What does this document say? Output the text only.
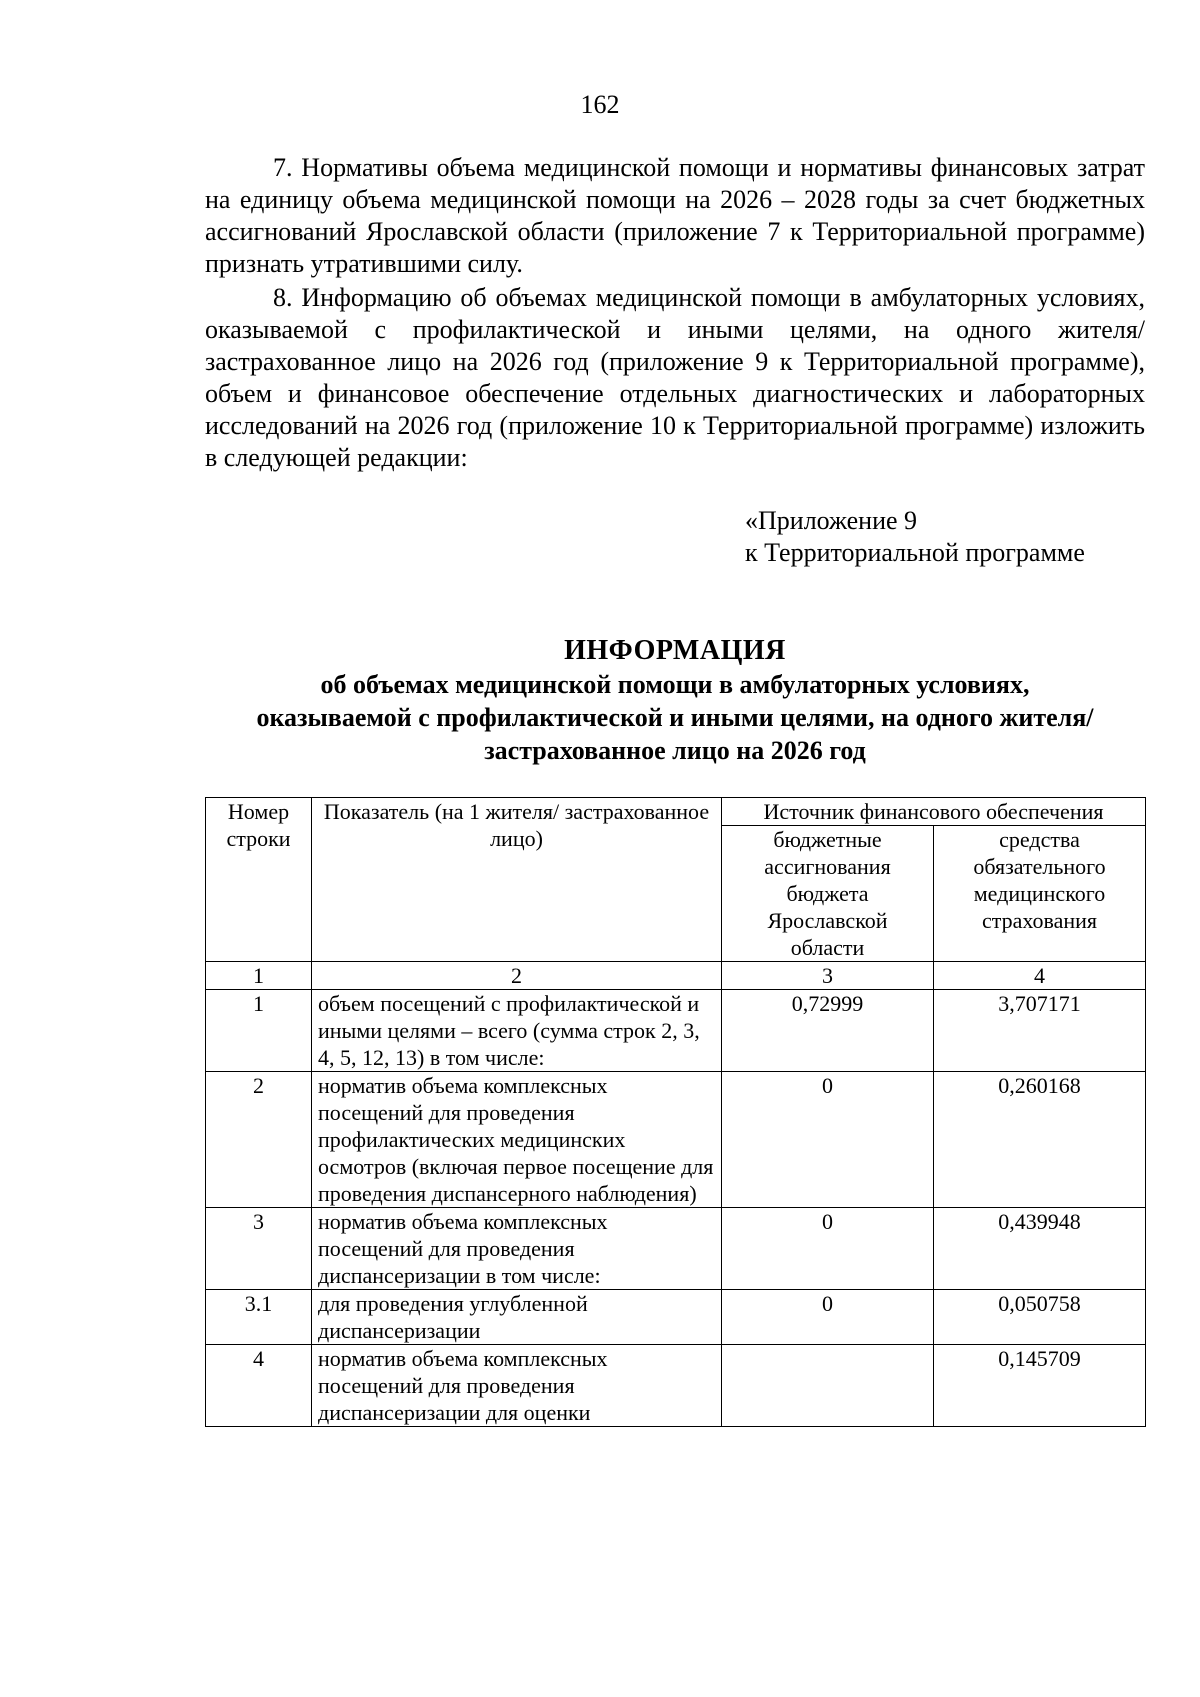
162
7. Нормативы объема медицинской помощи и нормативы финансовых затрат на единицу объема медицинской помощи на 2026 – 2028 годы за счет бюджетных ассигнований Ярославской области (приложение 7 к Территориальной программе) признать утратившими силу.
8. Информацию об объемах медицинской помощи в амбулаторных условиях, оказываемой с профилактической и иными целями, на одного жителя/ застрахованное лицо на 2026 год (приложение 9 к Территориальной программе), объем и финансовое обеспечение отдельных диагностических и лабораторных исследований на 2026 год (приложение 10 к Территориальной программе) изложить в следующей редакции:
«Приложение 9
к Территориальной программе
ИНФОРМАЦИЯ
об объемах медицинской помощи в амбулаторных условиях,
оказываемой с профилактической и иными целями, на одного жителя/
застрахованное лицо на 2026 год
Номер строки	Показатель (на 1 жителя/ застрахованное лицо)	Источник финансового обеспечения	
		бюджетные ассигнования бюджета Ярославской области	средства обязательного медицинского страхования
1	2	3	4
1	объем посещений с профилактической и иными целями – всего (сумма строк 2, 3, 4, 5, 12, 13) в том числе:	0,72999	3,707171
2	норматив объема комплексных посещений для проведения профилактических медицинских осмотров (включая первое посещение для проведения диспансерного наблюдения)	0	0,260168
3	норматив объема комплексных посещений для проведения диспансеризации в том числе:	0	0,439948
3.1	для проведения углубленной диспансеризации	0	0,050758
4	норматив объема комплексных посещений для проведения диспансеризации для оценки		0,145709
